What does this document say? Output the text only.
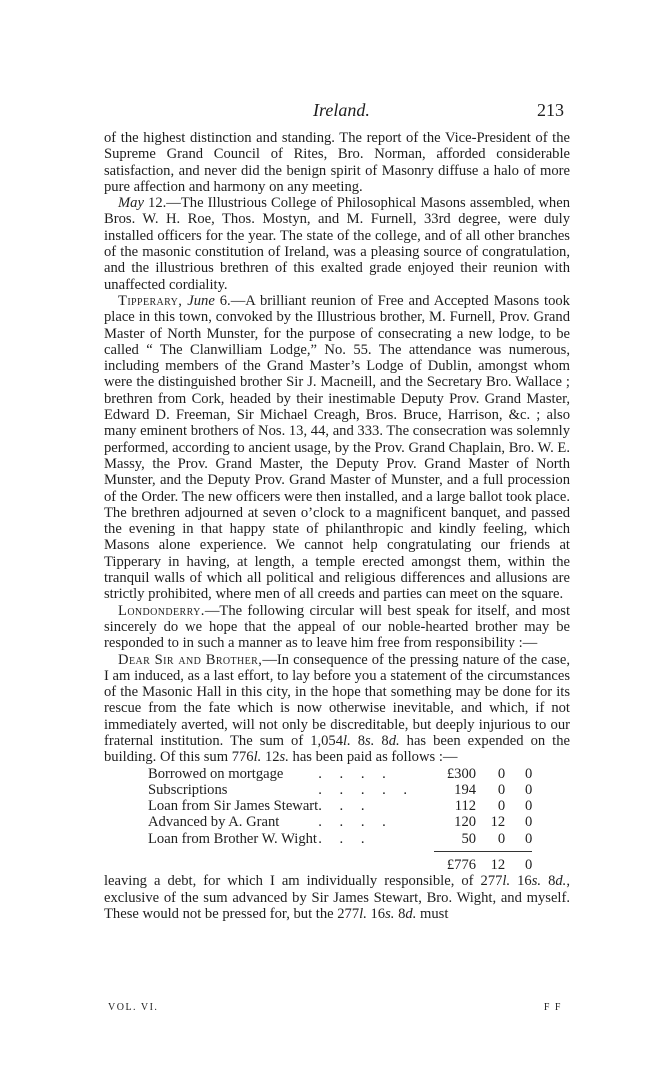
Ireland.	213

of the highest distinction and standing. The report of the Vice-President of the Supreme Grand Council of Rites, Bro. Norman, afforded considerable satisfaction, and never did the benign spirit of Masonry diffuse a halo of more pure affection and harmony on any meeting.

May 12.—The Illustrious College of Philosophical Masons assembled, when Bros. W. H. Roe, Thos. Mostyn, and M. Furnell, 33rd degree, were duly installed officers for the year. The state of the college, and of all other branches of the masonic constitution of Ireland, was a pleasing source of congratulation, and the illustrious brethren of this exalted grade enjoyed their reunion with unaffected cordiality.

Tipperary, June 6.—A brilliant reunion of Free and Accepted Masons took place in this town, convoked by the Illustrious brother, M. Furnell, Prov. Grand Master of North Munster, for the purpose of consecrating a new lodge, to be called “ The Clanwilliam Lodge,” No. 55. The attendance was numerous, including members of the Grand Master’s Lodge of Dublin, amongst whom were the distinguished brother Sir J. Macneill, and the Secretary Bro. Wallace ; brethren from Cork, headed by their inestimable Deputy Prov. Grand Master, Edward D. Freeman, Sir Michael Creagh, Bros. Bruce, Harrison, &c. ; also many eminent brothers of Nos. 13, 44, and 333. The consecration was solemnly performed, according to ancient usage, by the Prov. Grand Chaplain, Bro. W. E. Massy, the Prov. Grand Master, the Deputy Prov. Grand Master of North Munster, and the Deputy Prov. Grand Master of Munster, and a full procession of the Order. The new officers were then installed, and a large ballot took place. The brethren adjourned at seven o’clock to a magnificent banquet, and passed the evening in that happy state of philanthropic and kindly feeling, which Masons alone experience. We cannot help congratulating our friends at Tipperary in having, at length, a temple erected amongst them, within the tranquil walls of which all political and religious differences and allusions are strictly prohibited, where men of all creeds and parties can meet on the square.

Londonderry.—The following circular will best speak for itself, and most sincerely do we hope that the appeal of our noble-hearted brother may be responded to in such a manner as to leave him free from responsibility :—

Dear Sir and Brother,—In consequence of the pressing nature of the case, I am induced, as a last effort, to lay before you a statement of the circumstances of the Masonic Hall in this city, in the hope that something may be done for its rescue from the fate which is now otherwise inevitable, and which, if not immediately averted, will not only be discreditable, but deeply injurious to our fraternal institution. The sum of 1,054l. 8s. 8d. has been expended on the building. Of this sum 776l. 12s. has been paid as follows :—

Borrowed on mortgage	. . . .	£300	0	0
Subscriptions	. . . . .	194	0	0
Loan from Sir James Stewart	. . .	112	0	0
Advanced by A. Grant	. . . .	120	12	0
Loan from Brother W. Wight	. . .	50	0	0

		£776	12	0

leaving a debt, for which I am individually responsible, of 277l. 16s. 8d., exclusive of the sum advanced by Sir James Stewart, Bro. Wight, and myself. These would not be pressed for, but the 277l. 16s. 8d. must

VOL. VI.	F F
